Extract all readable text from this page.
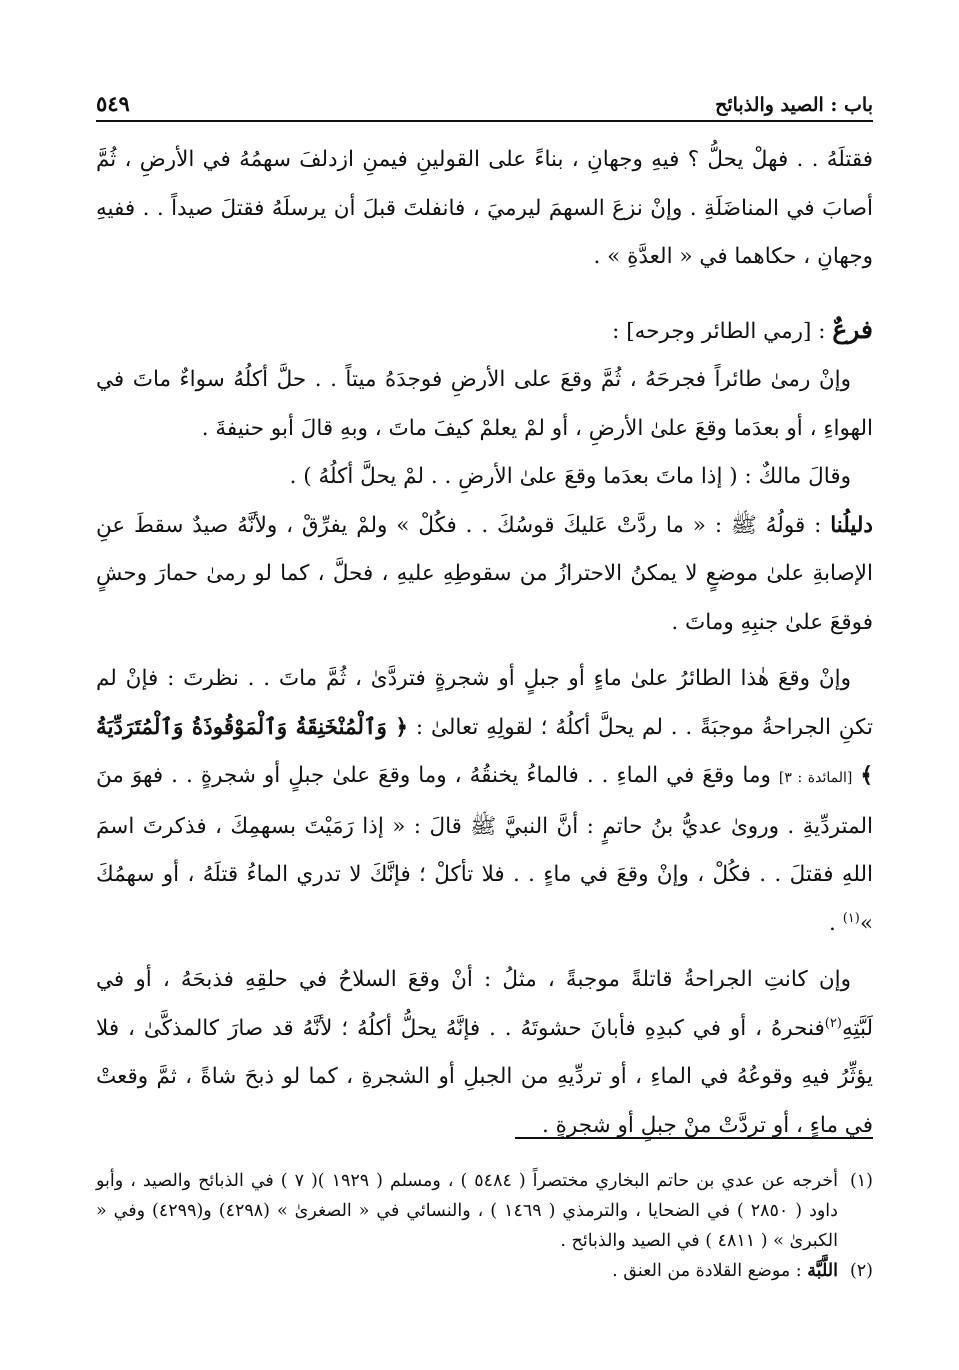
باب : الصيد والذبائح
٥٤٩

فقتلَهُ . . فهلْ يحلُّ ؟ فيهِ وجهانِ ، بناءً على القولينِ فيمنِ ازدلفَ سهمُهُ في الأرضِ ، ثُمَّ أصابَ في المناضَلَةِ . وإنْ نزعَ السهمَ ليرميَ ، فانفلتَ قبلَ أن يرسلَهُ فقتلَ صيداً . . ففيهِ وجهانِ ، حكاهما في « العدَّةِ » .

فرعٌ : [رمي الطائر وجرحه] :

وإنْ رمىٰ طائراً فجرحَهُ ، ثُمَّ وقعَ على الأرضِ فوجدَهُ ميتاً . . حلَّ أكلُهُ سواءٌ ماتَ في الهواءِ ، أو بعدَما وقعَ علىٰ الأرضِ ، أو لمْ يعلمْ كيفَ ماتَ ، وبهِ قالَ أبو حنيفةَ .

وقالَ مالكٌ : ( إذا ماتَ بعدَما وقعَ علىٰ الأرضِ . . لمْ يحلَّ أكلُهُ ) .

دليلُنا : قولُهُ ﷺ : « ما ردَّتْ عَليكَ قوسُكَ . . فكُلْ » ولمْ يفرِّقْ ، ولأنَّهُ صيدٌ سقطَ عنِ الإصابةِ علىٰ موضعٍ لا يمكنُ الاحترازُ من سقوطِهِ عليهِ ، فحلَّ ، كما لو رمىٰ حمارَ وحشٍ فوقعَ علىٰ جنبِهِ وماتَ .

وإنْ وقعَ هٰذا الطائرُ علىٰ ماءٍ أو جبلٍ أو شجرةٍ فتردَّىٰ ، ثُمَّ ماتَ . . نظرتَ : فإنْ لم تكنِ الجراحةُ موجبَةً . . لم يحلَّ أكلُهُ ؛ لقولِهِ تعالىٰ : ﴿ وَٱلْمُنْخَنِقَةُ وَٱلْمَوْقُوذَةُ وَٱلْمُتَرَدِّيَةُ ﴾ [المائدة : ٣] وما وقعَ في الماءِ . . فالماءُ يخنقُهُ ، وما وقعَ علىٰ جبلٍ أو شجرةٍ . . فهوَ منَ المتردِّيةِ . وروىٰ عديُّ بنُ حاتمٍ : أنَّ النبيَّ ﷺ قالَ : « إذا رَمَيْتَ بسهمِكَ ، فذكرتَ اسمَ اللهِ فقتلَ . . فكُلْ ، وإنْ وقعَ في ماءٍ . . فلا تأكلْ ؛ فإنَّكَ لا تدري الماءُ قتلَهُ ، أو سهمُكَ »$^{(١)}$ .

وإن كانتِ الجراحةُ قاتلةً موجبةً ، مثلُ : أنْ وقعَ السلاحُ في حلقِهِ فذبحَهُ ، أو في لَبَّتِهِ$^{(٢)}$فنحرهُ ، أو في كبدِهِ فأبانَ حشوتَهُ . . فإنَّهُ يحلُّ أكلُهُ ؛ لأنَّهُ قد صارَ كالمذكَّىٰ ، فلا يؤثِّرُ فيهِ وقوعُهُ في الماءِ ، أو تردِّيهِ من الجبلِ أو الشجرةِ ، كما لو ذبحَ شاةً ، ثمَّ وقعتْ في ماءٍ ، أو تردَّتْ منْ جبلٍ أو شجرةٍ .

(١)
أخرجه عن عدي بن حاتم البخاري مختصراً ( ٥٤٨٤ ) ، ومسلم ( ١٩٢٩ )( ٧ ) في الذبائح والصيد ، وأبو داود ( ٢٨٥٠ ) في الضحايا ، والترمذي ( ١٤٦٩ ) ، والنسائي في « الصغرىٰ » (٤٢٩٨) و(٤٢٩٩) وفي « الكبرىٰ » ( ٤٨١١ ) في الصيد والذبائح .
(٢)
اللَّبَّة : موضع القلادة من العنق .
